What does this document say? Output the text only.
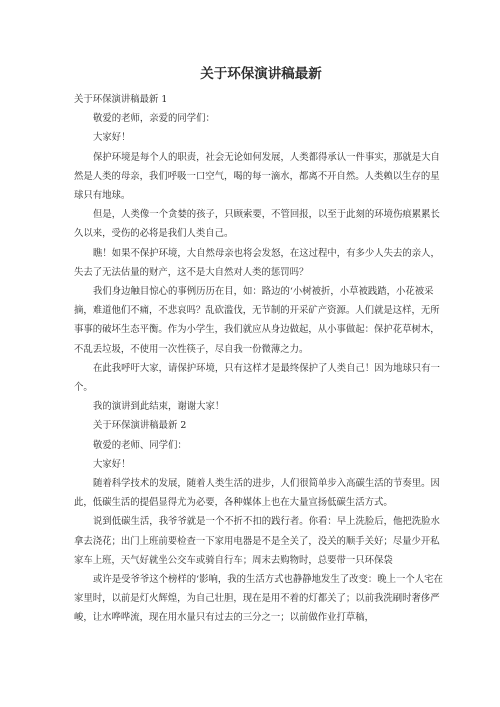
关于环保演讲稿最新

关于环保演讲稿最新 1

敬爱的老师，亲爱的同学们：

大家好！

保护环境是每个人的职责，社会无论如何发展，人类都得承认一件事实，那就是大自然是人类的母亲，我们呼吸一口空气，喝的每一滴水，都离不开自然。人类赖以生存的星球只有地球。

但是，人类像一个贪婪的孩子，只顾索要，不管回报，以至于此刻的环境伤痕累累长久以来，受伤的必将是我们人类自己。

瞧！如果不保护环境，大自然母亲也将会发怒，在这过程中，有多少人失去的亲人，失去了无法估量的财产，这不是大自然对人类的惩罚吗？

我们身边触目惊心的事例历历在目，如：路边的‘小树被折，小草被践踏，小花被采摘，难道他们不痛，不悲哀吗？乱砍滥伐，无节制的开采矿产资源。人们就是这样，无所事事的破坏生态平衡。作为小学生，我们就应从身边做起，从小事做起：保护花草树木，不乱丢垃圾，不使用一次性筷子，尽自我一份微薄之力。

在此我呼吁大家，请保护环境，只有这样才是最终保护了人类自己！因为地球只有一个。

我的演讲到此结束，谢谢大家！

关于环保演讲稿最新 2

敬爱的老师、同学们：

大家好！

随着科学技术的发展，随着人类生活的进步，人们很简单步入高碳生活的节奏里。因此，低碳生活的提倡显得尤为必要，各种媒体上也在大量宣扬低碳生活方式。

说到低碳生活，我爷爷就是一个不折不扣的践行者。你看：早上洗脸后，他把洗脸水拿去浇花；出门上班前要检查一下家用电器是不是全关了，没关的顺手关好；尽量少开私家车上班，天气好就坐公交车或骑自行车；周末去购物时，总要带一只环保袋

或许是受爷爷这个榜样的‘影响，我的生活方式也静静地发生了改变：晚上一个人宅在家里时，以前是灯火辉煌，为自己壮胆，现在是用不着的灯都关了；以前我洗刷时奢侈严峻，让水哗哗流，现在用水量只有过去的三分之一；以前做作业打草稿，
